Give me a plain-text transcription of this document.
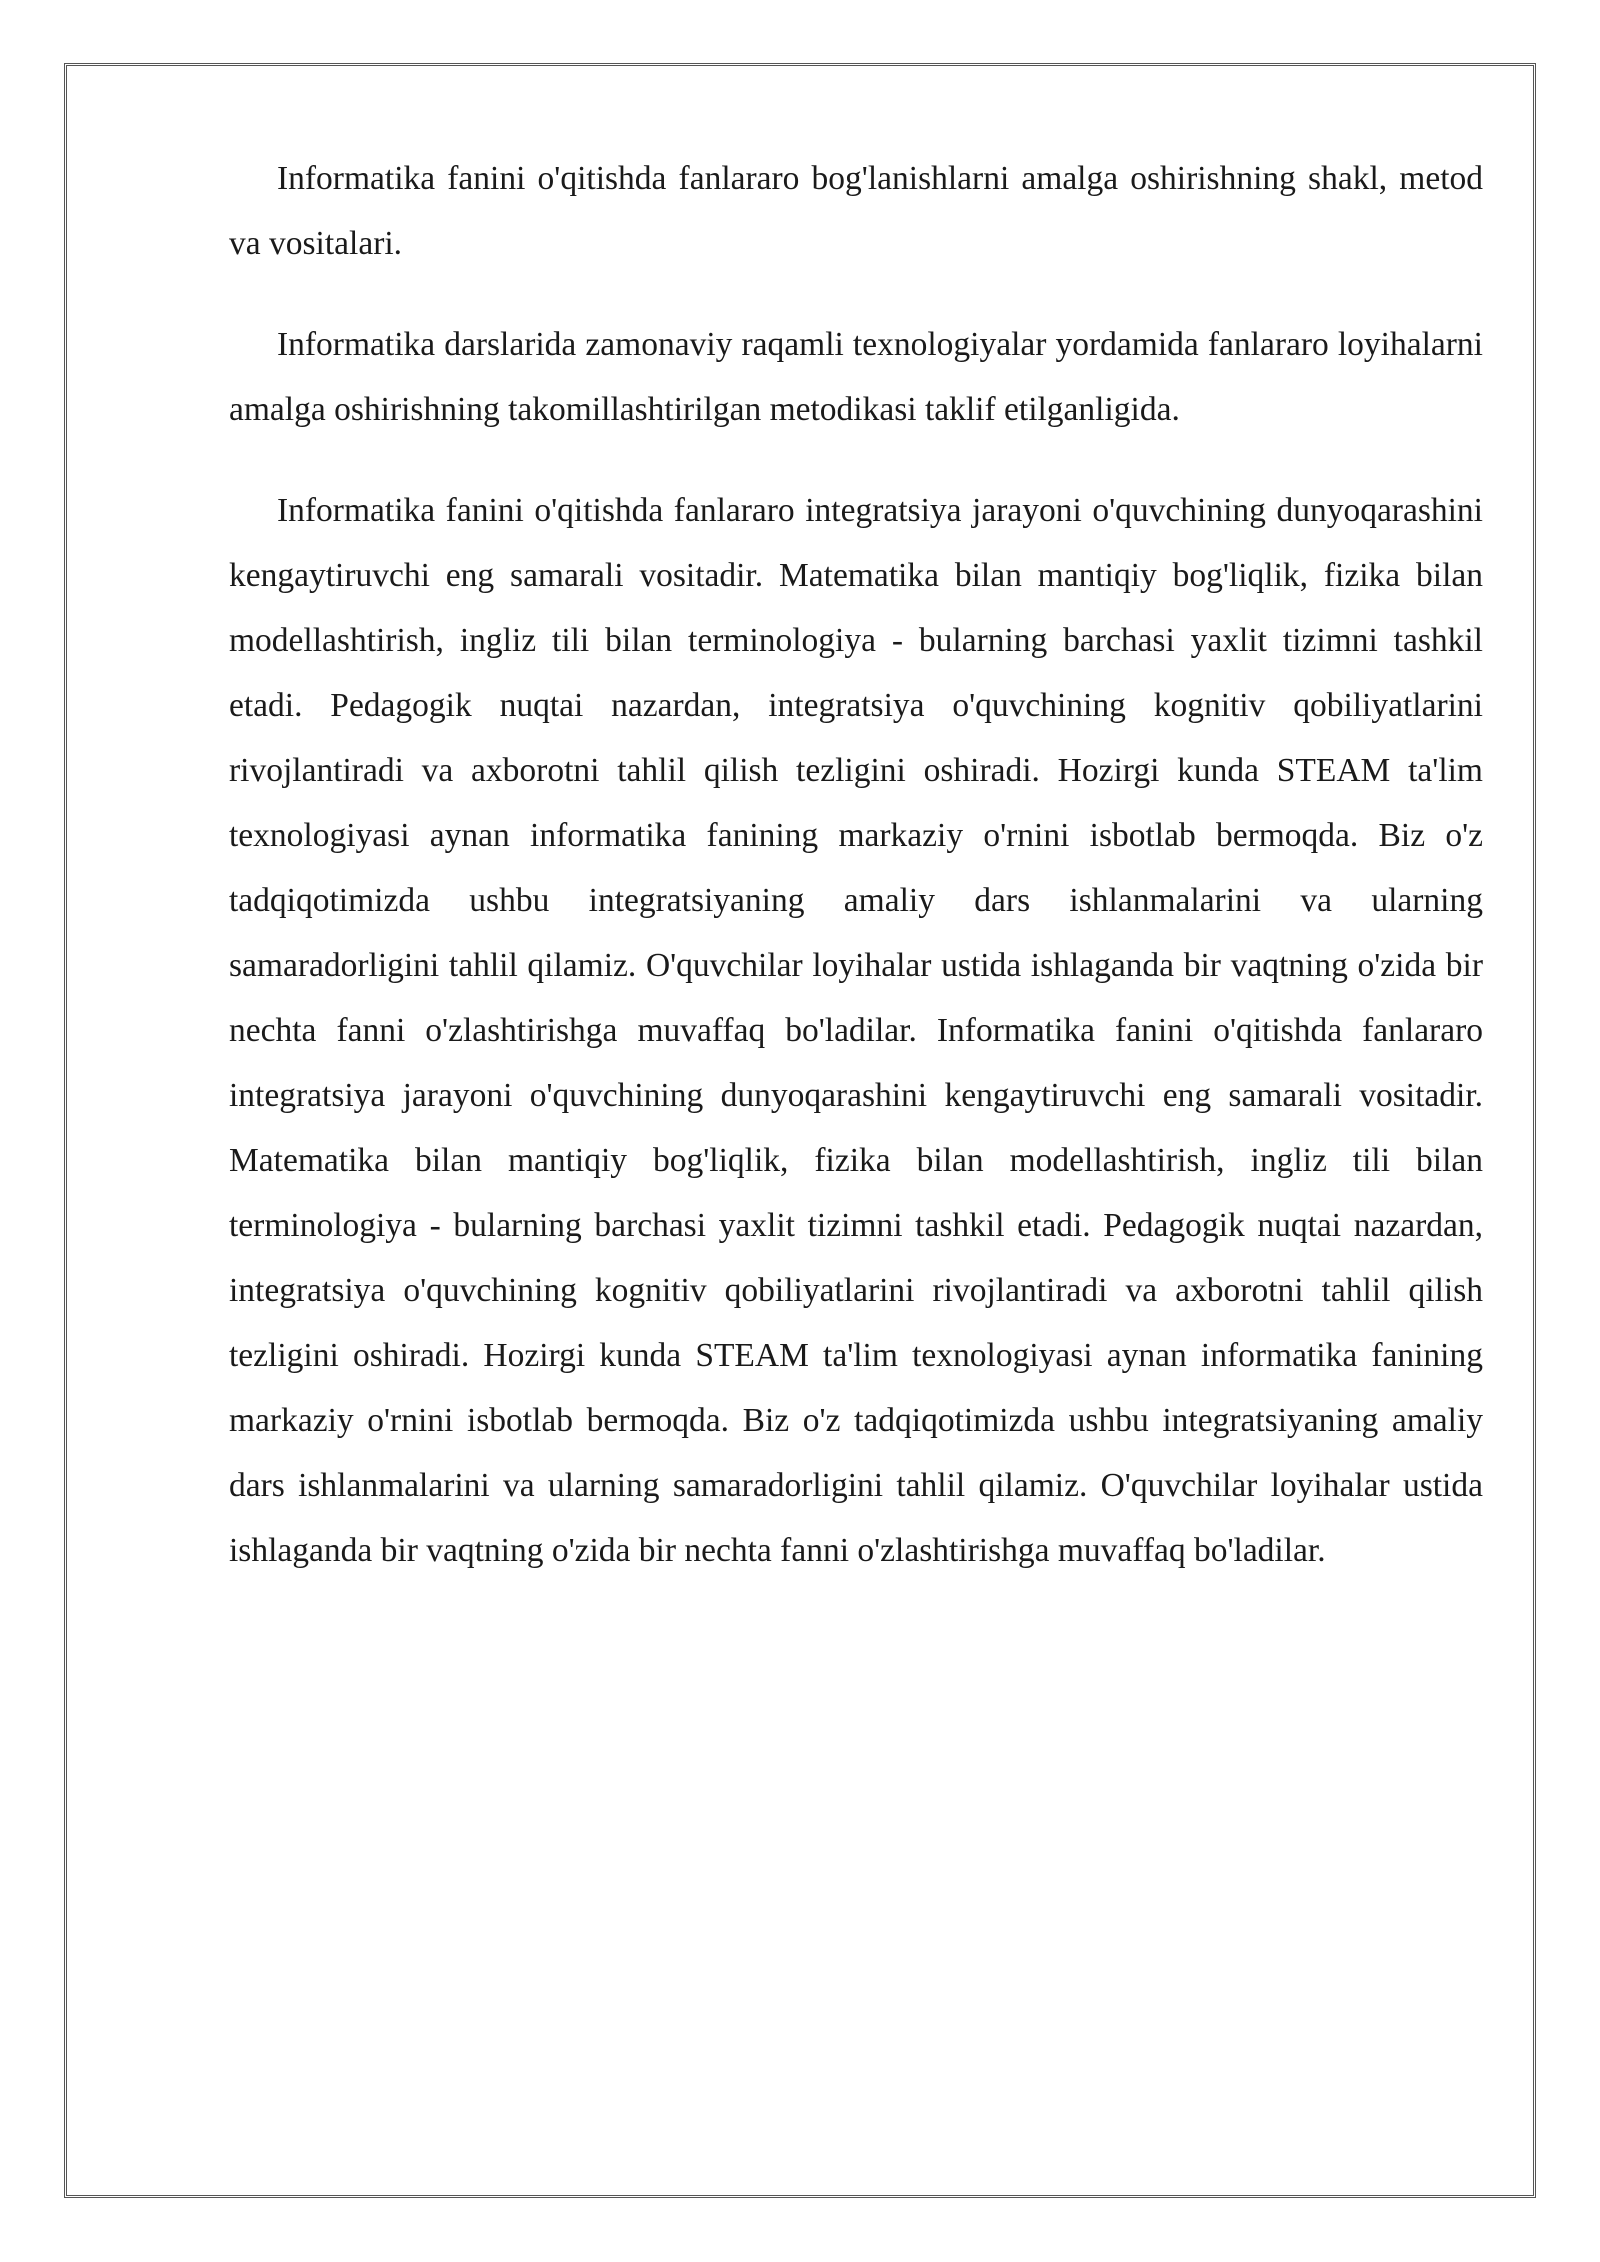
Informatika fanini o'qitishda fanlararo bog'lanishlarni amalga oshirishning shakl, metod va vositalari.

Informatika darslarida zamonaviy raqamli texnologiyalar yordamida fanlararo loyihalarni amalga oshirishning takomillashtirilgan metodikasi taklif etilganligida.

Informatika fanini o'qitishda fanlararo integratsiya jarayoni o'quvchining dunyoqarashini kengaytiruvchi eng samarali vositadir. Matematika bilan mantiqiy bog'liqlik, fizika bilan modellashtirish, ingliz tili bilan terminologiya - bularning barchasi yaxlit tizimni tashkil etadi. Pedagogik nuqtai nazardan, integratsiya o'quvchining kognitiv qobiliyatlarini rivojlantiradi va axborotni tahlil qilish tezligini oshiradi. Hozirgi kunda STEAM ta'lim texnologiyasi aynan informatika fanining markaziy o'rnini isbotlab bermoqda. Biz o'z tadqiqotimizda ushbu integratsiyaning amaliy dars ishlanmalarini va ularning samaradorligini tahlil qilamiz. O'quvchilar loyihalar ustida ishlaganda bir vaqtning o'zida bir nechta fanni o'zlashtirishga muvaffaq bo'ladilar. Informatika fanini o'qitishda fanlararo integratsiya jarayoni o'quvchining dunyoqarashini kengaytiruvchi eng samarali vositadir. Matematika bilan mantiqiy bog'liqlik, fizika bilan modellashtirish, ingliz tili bilan terminologiya - bularning barchasi yaxlit tizimni tashkil etadi. Pedagogik nuqtai nazardan, integratsiya o'quvchining kognitiv qobiliyatlarini rivojlantiradi va axborotni tahlil qilish tezligini oshiradi. Hozirgi kunda STEAM ta'lim texnologiyasi aynan informatika fanining markaziy o'rnini isbotlab bermoqda. Biz o'z tadqiqotimizda ushbu integratsiyaning amaliy dars ishlanmalarini va ularning samaradorligini tahlil qilamiz. O'quvchilar loyihalar ustida ishlaganda bir vaqtning o'zida bir nechta fanni o'zlashtirishga muvaffaq bo'ladilar.
